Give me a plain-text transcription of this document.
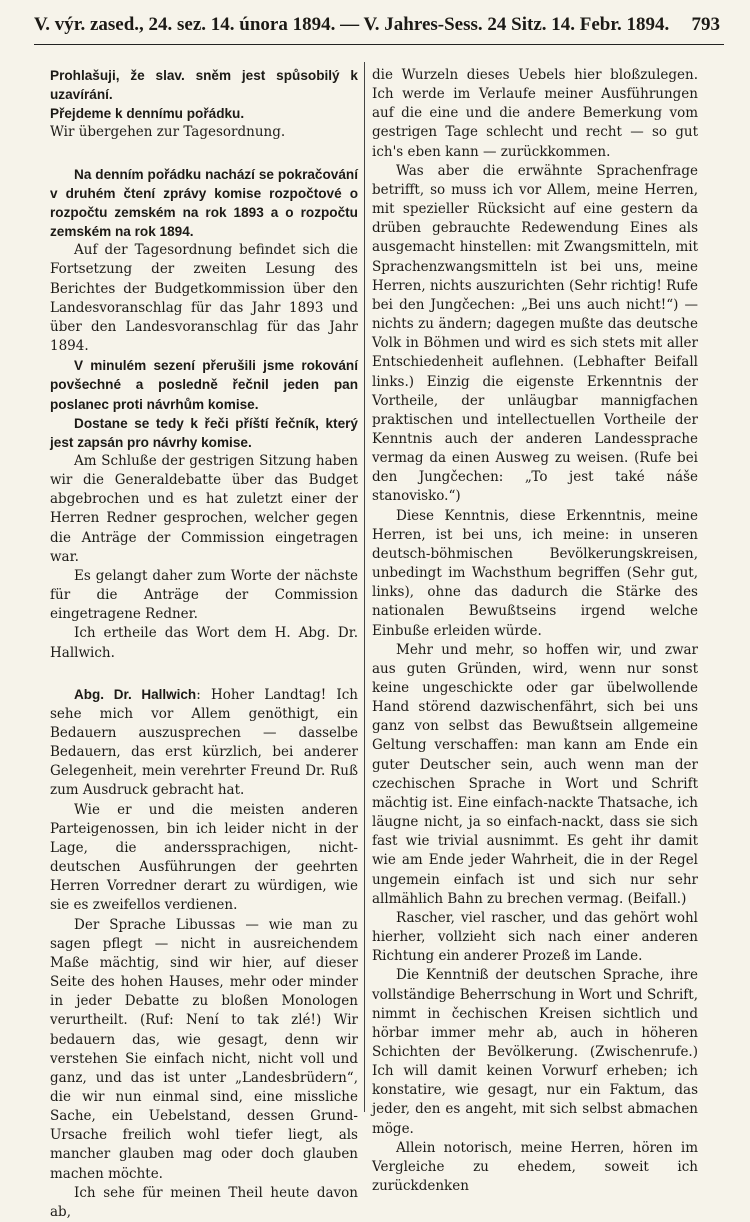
V. výr. zased., 24. sez. 14. února 1894. — V. Jahres-Sess. 24 Sitz. 14. Febr. 1894. 793

Prohlašuji, že slav. sněm jest spůsobilý k uzavírání.

Přejdeme k dennímu pořádku.

Wir übergehen zur Tagesordnung.

Na denním pořádku nachází se pokračování v druhém čtení zprávy komise rozpočtové o rozpočtu zemském na rok 1893 a o rozpočtu zemském na rok 1894.

Auf der Tagesordnung befindet sich die Fortsetzung der zweiten Lesung des Berichtes der Budgetkommission über den Landesvoranschlag für das Jahr 1893 und über den Landesvoranschlag für das Jahr 1894.

V minulém sezení přerušili jsme rokování povšechné a posledně řečnil jeden pan poslanec proti návrhům komise.

Dostane se tedy k řeči příští řečník, který jest zapsán pro návrhy komise.

Am Schluße der gestrigen Sitzung haben wir die Generaldebatte über das Budget abgebrochen und es hat zuletzt einer der Herren Redner gesprochen, welcher gegen die Anträge der Commission eingetragen war.

Es gelangt daher zum Worte der nächste für die Anträge der Commission eingetragene Redner.

Ich ertheile das Wort dem H. Abg. Dr. Hallwich.

Abg. Dr. Hallwich: Hoher Landtag! Ich sehe mich vor Allem genöthigt, ein Bedauern auszusprechen — dasselbe Bedauern, das erst kürzlich, bei anderer Gelegenheit, mein verehrter Freund Dr. Ruß zum Ausdruck gebracht hat.

Wie er und die meisten anderen Parteigenossen, bin ich leider nicht in der Lage, die anderssprachigen, nicht-deutschen Ausführungen der geehrten Herren Vorredner derart zu würdigen, wie sie es zweifellos verdienen.

Der Sprache Libussas — wie man zu sagen pflegt — nicht in ausreichendem Maße mächtig, sind wir hier, auf dieser Seite des hohen Hauses, mehr oder minder in jeder Debatte zu bloßen Monologen verurtheilt. (Ruf: Není to tak zlé!) Wir bedauern das, wie gesagt, denn wir verstehen Sie einfach nicht, nicht voll und ganz, und das ist unter „Landesbrüdern“, die wir nun einmal sind, eine missliche Sache, ein Uebelstand, dessen Grund-Ursache freilich wohl tiefer liegt, als mancher glauben mag oder doch glauben machen möchte.

Ich sehe für meinen Theil heute davon ab,

die Wurzeln dieses Uebels hier bloßzulegen. Ich werde im Verlaufe meiner Ausführungen auf die eine und die andere Bemerkung vom gestrigen Tage schlecht und recht — so gut ich's eben kann — zurückkommen.

Was aber die erwähnte Sprachenfrage betrifft, so muss ich vor Allem, meine Herren, mit spezieller Rücksicht auf eine gestern da drüben gebrauchte Redewendung Eines als ausgemacht hinstellen: mit Zwangsmitteln, mit Sprachenzwangsmitteln ist bei uns, meine Herren, nichts auszurichten (Sehr richtig! Rufe bei den Jungčechen: „Bei uns auch nicht!“) — nichts zu ändern; dagegen mußte das deutsche Volk in Böhmen und wird es sich stets mit aller Entschiedenheit auflehnen. (Lebhafter Beifall links.) Einzig die eigenste Erkenntnis der Vortheile, der unläugbar mannigfachen praktischen und intellectuellen Vortheile der Kenntnis auch der anderen Landessprache vermag da einen Ausweg zu weisen. (Rufe bei den Jungčechen: „To jest také náše stanovisko.“)

Diese Kenntnis, diese Erkenntnis, meine Herren, ist bei uns, ich meine: in unseren deutsch-böhmischen Bevölkerungskreisen, unbedingt im Wachsthum begriffen (Sehr gut, links), ohne das dadurch die Stärke des nationalen Bewußtseins irgend welche Einbuße erleiden würde.

Mehr und mehr, so hoffen wir, und zwar aus guten Gründen, wird, wenn nur sonst keine ungeschickte oder gar übelwollende Hand störend dazwischenfährt, sich bei uns ganz von selbst das Bewußtsein allgemeine Geltung verschaffen: man kann am Ende ein guter Deutscher sein, auch wenn man der czechischen Sprache in Wort und Schrift mächtig ist. Eine einfach-nackte Thatsache, ich läugne nicht, ja so einfach-nackt, dass sie sich fast wie trivial ausnimmt. Es geht ihr damit wie am Ende jeder Wahrheit, die in der Regel ungemein einfach ist und sich nur sehr allmählich Bahn zu brechen vermag. (Beifall.)

Rascher, viel rascher, und das gehört wohl hierher, vollzieht sich nach einer anderen Richtung ein anderer Prozeß im Lande.

Die Kenntniß der deutschen Sprache, ihre vollständige Beherrschung in Wort und Schrift, nimmt in čechischen Kreisen sichtlich und hörbar immer mehr ab, auch in höheren Schichten der Bevölkerung. (Zwischenrufe.) Ich will damit keinen Vorwurf erheben; ich konstatire, wie gesagt, nur ein Faktum, das jeder, den es angeht, mit sich selbst abmachen möge.

Allein notorisch, meine Herren, hören im Vergleiche zu ehedem, soweit ich zurückdenken
